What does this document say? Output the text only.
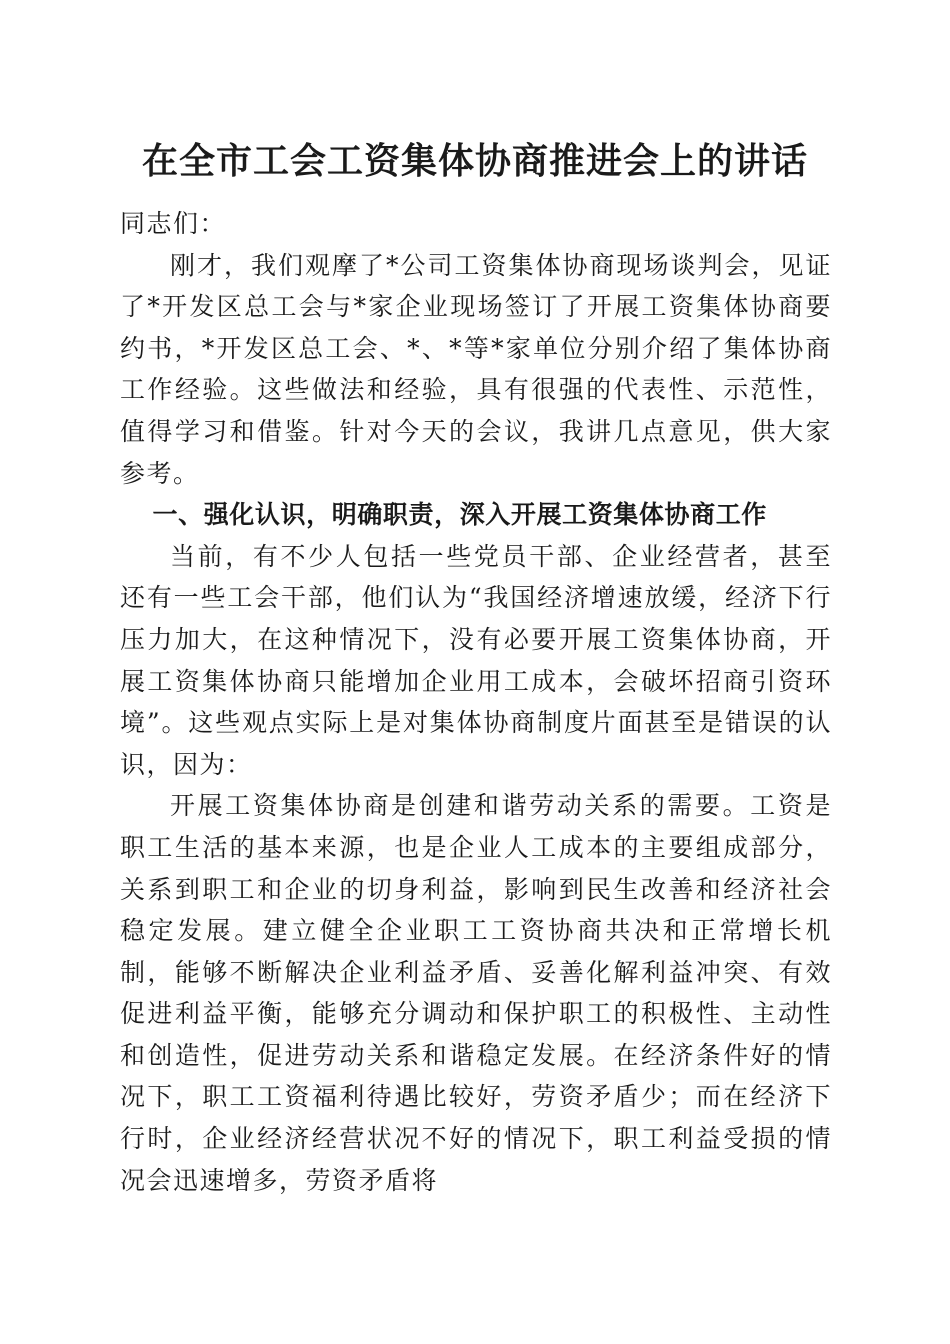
在全市工会工资集体协商推进会上的讲话

同志们：

刚才，我们观摩了*公司工资集体协商现场谈判会，见证了*开发区总工会与*家企业现场签订了开展工资集体协商要约书，*开发区总工会、*、*等*家单位分别介绍了集体协商工作经验。这些做法和经验，具有很强的代表性、示范性，值得学习和借鉴。针对今天的会议，我讲几点意见，供大家参考。

一、强化认识，明确职责，深入开展工资集体协商工作

当前，有不少人包括一些党员干部、企业经营者，甚至还有一些工会干部，他们认为“我国经济增速放缓，经济下行压力加大，在这种情况下，没有必要开展工资集体协商，开展工资集体协商只能增加企业用工成本，会破坏招商引资环境”。这些观点实际上是对集体协商制度片面甚至是错误的认识，因为：

开展工资集体协商是创建和谐劳动关系的需要。工资是职工生活的基本来源，也是企业人工成本的主要组成部分，关系到职工和企业的切身利益，影响到民生改善和经济社会稳定发展。建立健全企业职工工资协商共决和正常增长机制，能够不断解决企业利益矛盾、妥善化解利益冲突、有效促进利益平衡，能够充分调动和保护职工的积极性、主动性和创造性，促进劳动关系和谐稳定发展。在经济条件好的情况下，职工工资福利待遇比较好，劳资矛盾少；而在经济下行时，企业经济经营状况不好的情况下，职工利益受损的情况会迅速增多，劳资矛盾将
